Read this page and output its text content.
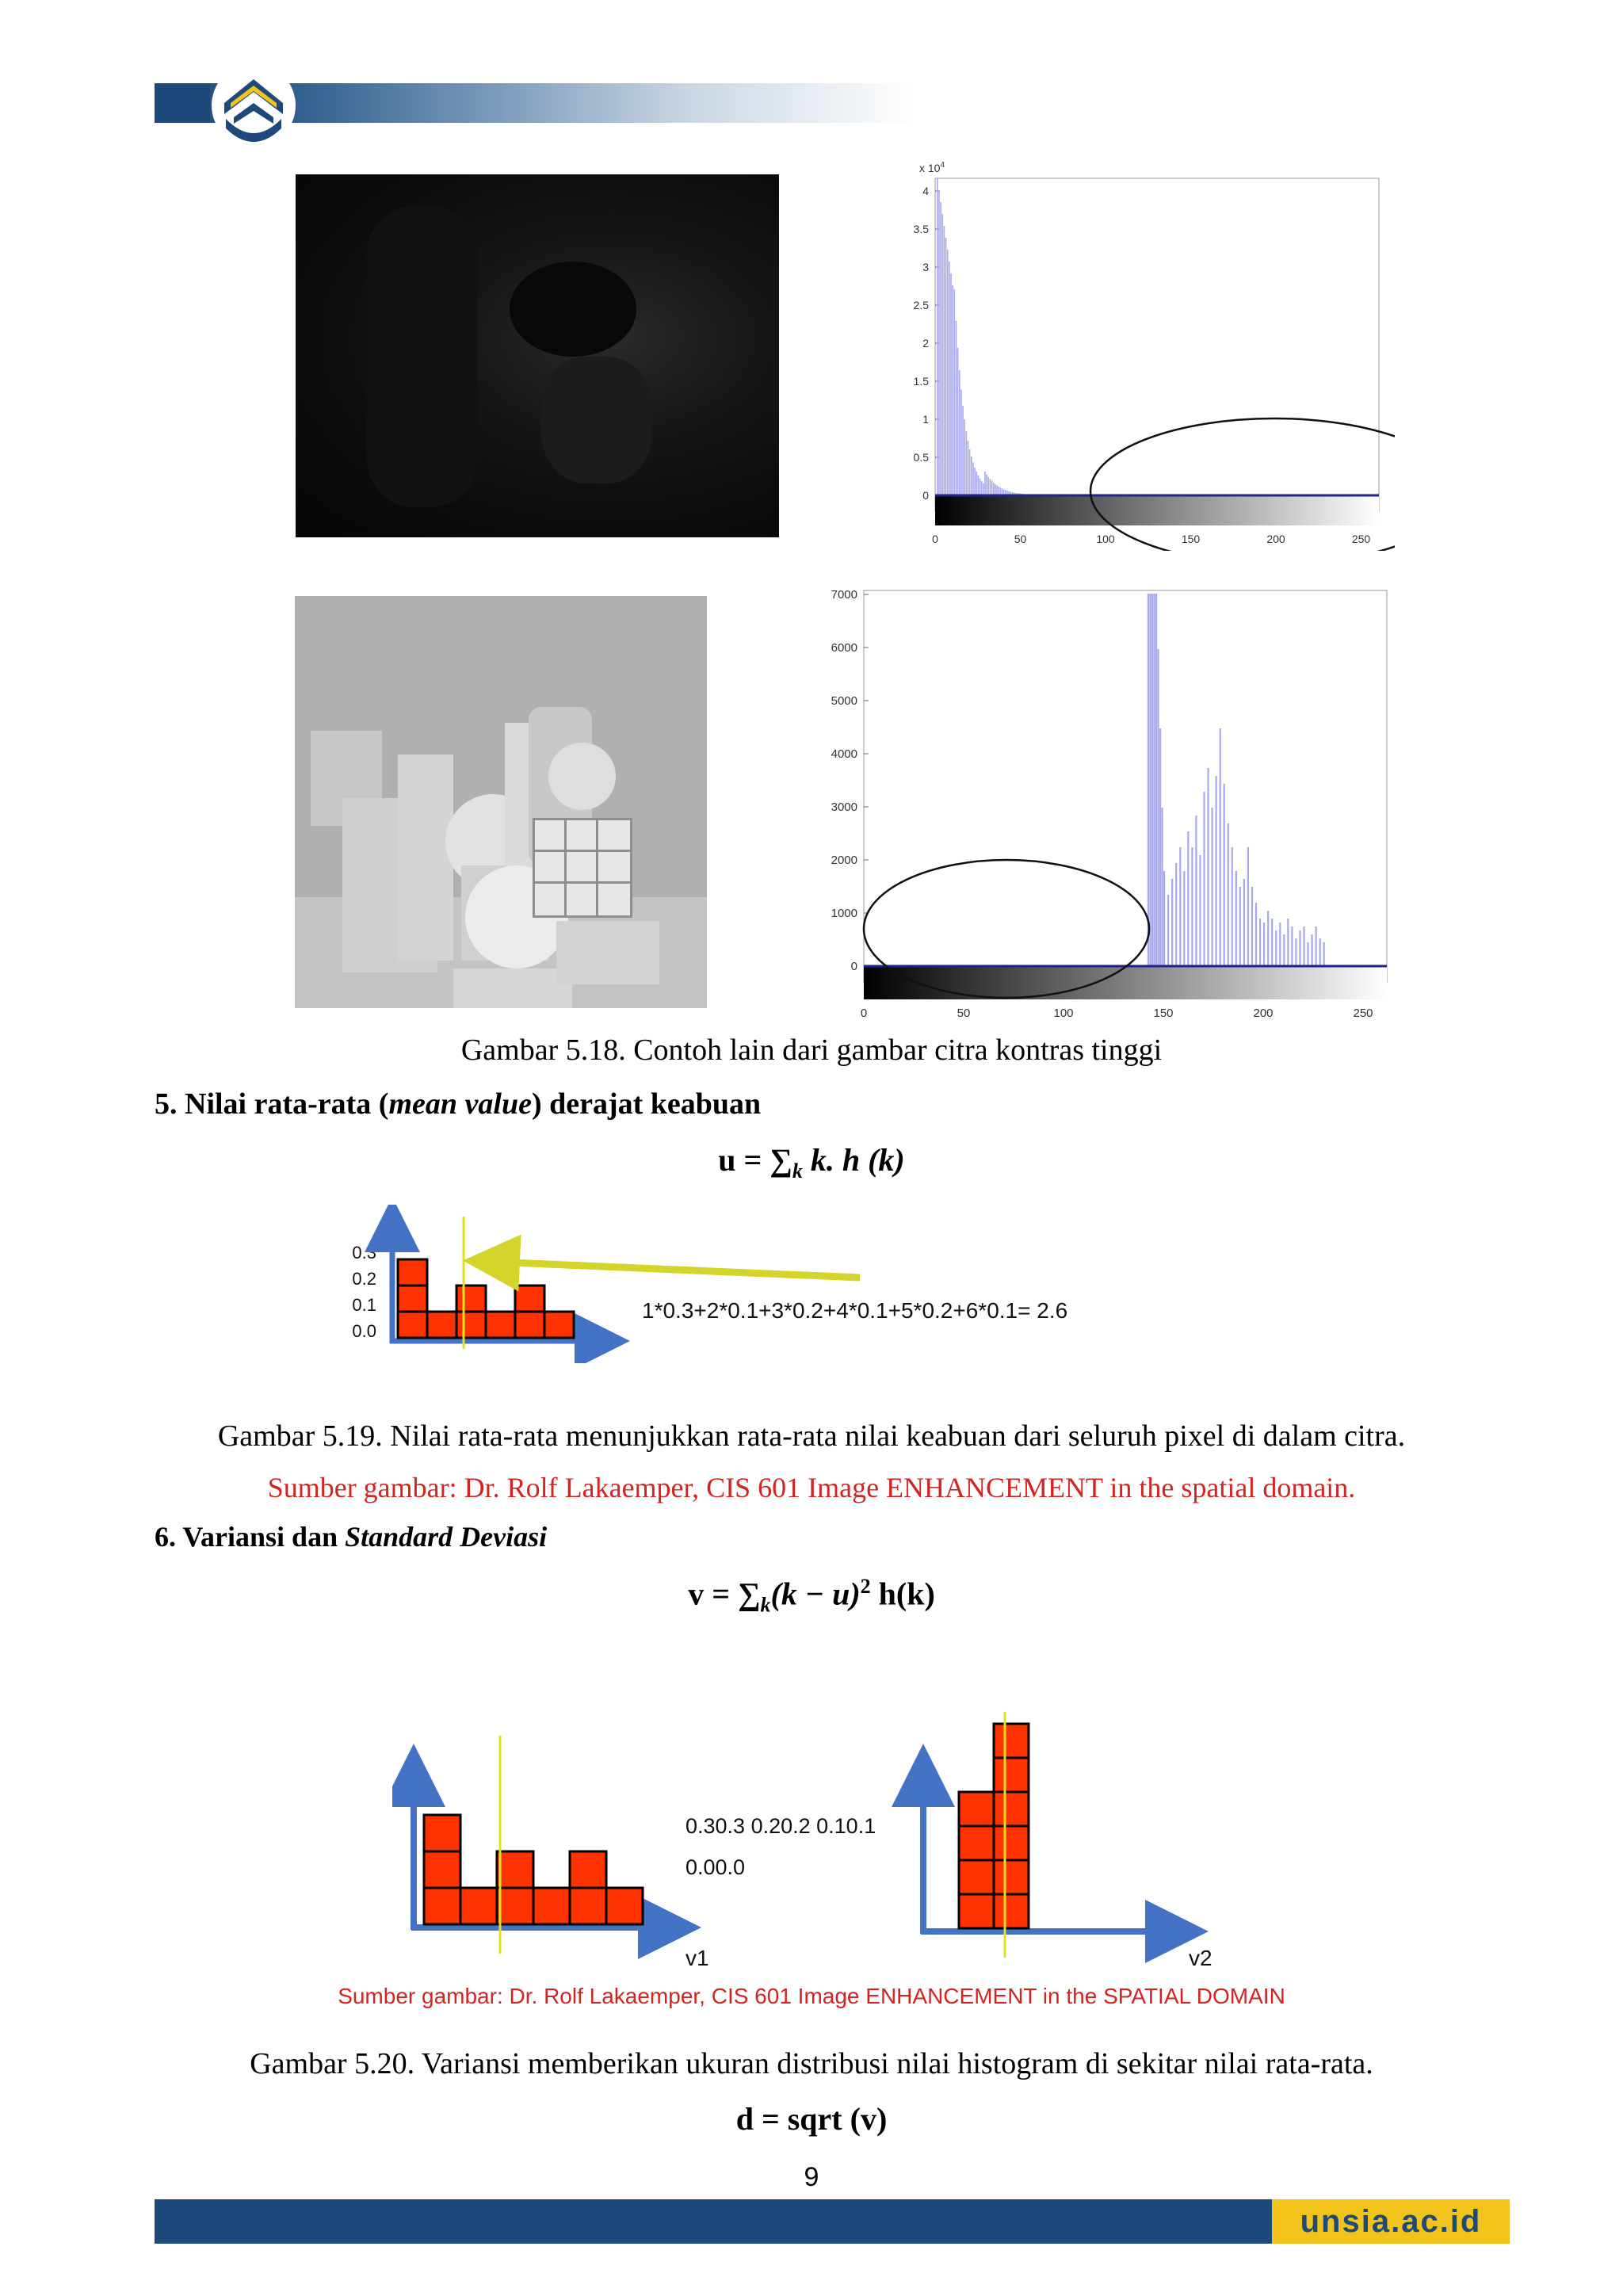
x $10^4$
0
0.5
1
1.5
2
2.5
3
3.5
4
0	50	100	150	200	250
0
1000
2000
3000
4000
5000
6000
7000
0	50	100	150	200	250
Gambar 5.18. Contoh lain dari gambar citra kontras tinggi
5. Nilai rata-rata (mean value) derajat keabuan
$u = \sum_k$ k. h (k)
0.3
0.2
0.1
0.0
1*0.3+2*0.1+3*0.2+4*0.1+5*0.2+6*0.1= 2.6
Gambar 5.19. Nilai rata-rata menunjukkan rata-rata nilai keabuan dari seluruh pixel di dalam citra.
Sumber gambar: Dr. Rolf Lakaemper, CIS 601 Image ENHANCEMENT in the spatial domain.
6. Variansi dan Standard Deviasi
$v = \sum_k(k - u)^2$ h(k)
0.30.3 0.20.2 0.10.1
0.00.0
v1	v2
Sumber gambar: Dr. Rolf Lakaemper, CIS 601 Image ENHANCEMENT in the SPATIAL DOMAIN
Gambar 5.20. Variansi memberikan ukuran distribusi nilai histogram di sekitar nilai rata-rata.
d = sqrt (v)
9
unsia.ac.id
